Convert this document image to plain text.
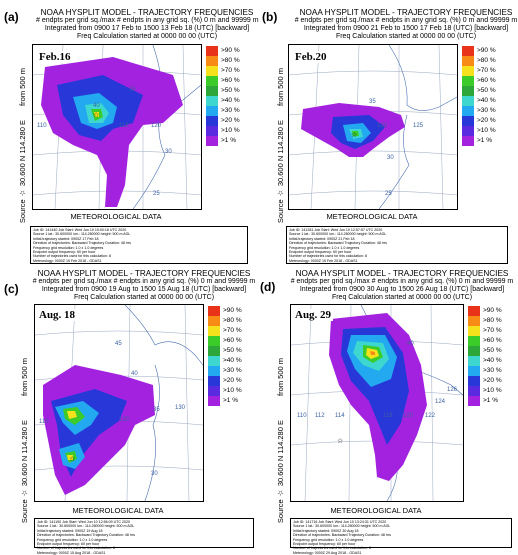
(a)	NOAA HYSPLIT MODEL - TRAJECTORY FREQUENCIES
# endpts per grid sq./max # endpts in any grid sq. (%) 0 m and 99999 m
Integrated from 0900 17 Feb to 1500 13 Feb 18 (UTC) [backward]
Freq Calculation started at 0000 00 00 (UTC)
Source ☆ 30.600 N 114.280 E
from 500 m
40
35
110	118	120
30
25
☆
Feb.16
>90 %
>80 %
>70 %
>60 %
>50 %
>40 %
>30 %
>20 %
>10 %
>1 %
METEOROLOGICAL DATA
Job ID: 141440 Job Start: Wed Jun 10 15:00:18 UTC 2020
Source 1 lat.: 30.600000 lon.: 114.280000 height: 500 m AGL
Initial trajectory started: 0900Z 17 Feb 18
Direction of trajectories: Backward Trajectory Duration: 48 hrs
Frequency grid resolution: 1.0 x 1.0 degrees
Endpoint output frequency: 60 per hour
Number of trajectories used for this calculation: 8
Meteorology: 0000Z 15 Feb 2018 - GDAS1
(b)	NOAA HYSPLIT MODEL - TRAJECTORY FREQUENCIES
# endpts per grid sq./max # endpts in any grid sq. (%) 0 m and 99999 m
Integrated from 0900 21 Feb to 1500 17 Feb 18 (UTC) [backward]
Freq Calculation started at 0000 00 00 (UTC)
Source ☆ 30.600 N 114.280 E
from 500 m	35
120	125
30
25
☆
Feb.20
>90 %
>80 %
>70 %
>60 %
>50 %
>40 %
>30 %
>20 %
>10 %
>1 %
METEOROLOGICAL DATA
Job ID: 141281 Job Start: Wed Jun 10 12:57:57 UTC 2020
Source 1 lat.: 30.600000 lon.: 114.280000 height: 500 m AGL
Initial trajectory started: 0900Z 21 Feb 18
Direction of trajectories: Backward Trajectory Duration: 48 hrs
Frequency grid resolution: 1.0 x 1.0 degrees
Endpoint output frequency: 60 per hour
Number of trajectories used for this calculation: 8
Meteorology: 0000Z 15 Feb 2018 - GDAS1
(c)
NOAA HYSPLIT MODEL - TRAJECTORY FREQUENCIES
# endpts per grid sq./max # endpts in any grid sq. (%) 0 m and 99999 m
Integrated from 0900 19 Aug to 1500 15 Aug 18 (UTC) [backward]
Freq Calculation started at 0000 00 00 (UTC)
Source ☆ 30.600 N 114.280 E
from 500 m
45
40
35
110	120
130
30
☆
Aug. 18	>90 %
>80 %
>70 %
>60 %
>50 %
>40 %
>30 %
>20 %
>10 %
>1 %
METEOROLOGICAL DATA
Job ID: 141190 Job Start: Wed Jun 10 12:56:09 UTC 2020
Source 1 lat.: 30.600000 lon.: 114.280000 height: 500 m AGL
Initial trajectory started: 0900Z 19 Aug 18
Direction of trajectories: Backward Trajectory Duration: 48 hrs
Frequency grid resolution: 1.0 x 1.0 degrees
Endpoint output frequency: 60 per hour
Number of trajectories used for this calculation: 8
Meteorology: 0000Z 15 Aug 2018 - GDAS1
(d)
NOAA HYSPLIT MODEL - TRAJECTORY FREQUENCIES
# endpts per grid sq./max # endpts in any grid sq. (%) 0 m and 99999 m
Integrated from 0900 30 Aug to 1500 26 Aug 18 (UTC) [backward]
Freq Calculation started at 0000 00 00 (UTC)
Source ☆ 30.600 N 114.280 E
from 500 m
40
110 112 114	118 120 122
124
126
☆
Aug. 29	>90 %
>80 %
>70 %
>60 %
>50 %
>40 %
>30 %
>20 %
>10 %
>1 %
METEOROLOGICAL DATA
Job ID: 141716 Job Start: Wed Jun 10 13:24:31 UTC 2020
Source 1 lat.: 30.600000 lon.: 114.280000 height: 500 m AGL
Initial trajectory started: 0900Z 30 Aug 18
Direction of trajectories: Backward Trajectory Duration: 48 hrs
Frequency grid resolution: 1.0 x 1.0 degrees
Endpoint output frequency: 60 per hour
Number of trajectories used for this calculation: 8
Meteorology: 0000Z 29 Aug 2018 - GDAS1
